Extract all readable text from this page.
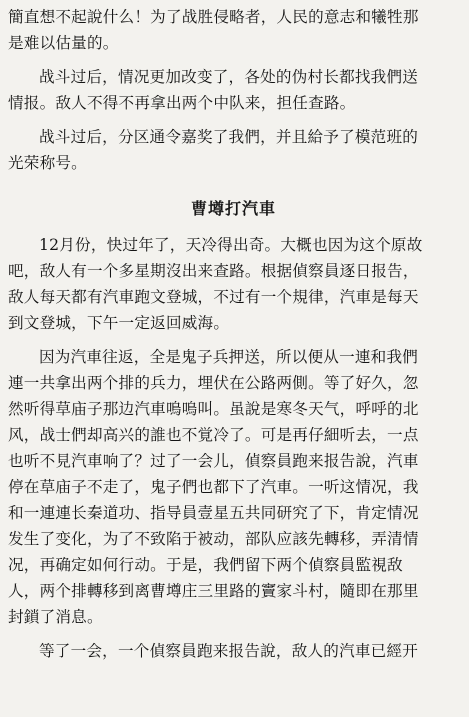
簡直想不起說什么！为了战胜侵略者，人民的意志和犧牲那
是难以估量的。

战斗过后，情况更加改变了，各处的伪村长都找我們送
情报。敌人不得不再拿出两个中队来，担任查路。

战斗过后，分区通令嘉奖了我們，并且給予了模范班的
光荣称号。

曹墫打汽車

12月份，快过年了，天冷得出奇。大概也因为这个原故
吧，敌人有一个多星期沒出来查路。根据偵察員逐日报告，
敌人每天都有汽車跑文登城，不过有一个規律，汽車是每天
到文登城，下午一定返回威海。

因为汽車往返，全是鬼子兵押送，所以便从一連和我們
連一共拿出两个排的兵力，埋伏在公路两側。等了好久，忽
然听得草庙子那边汽車嗚嗚叫。虽說是寒冬天气，呼呼的北
风，战士們却高兴的誰也不覚冷了。可是再仔細听去，一点
也听不見汽車响了？过了一会儿，偵察員跑来报告說，汽車
停在草庙子不走了，鬼子們也都下了汽車。一听这情况，我
和一連連长秦道功、指导員壹星五共同研究了下，肯定情况
发生了变化，为了不致陷于被动，部队应該先轉移，弄清情
况，再确定如何行动。于是，我們留下两个偵察員監視敌
人，两个排轉移到离曹墫庄三里路的竇家斗村，隨即在那里
封鎖了消息。

等了一会，一个偵察員跑来报告說，敌人的汽車已經开
